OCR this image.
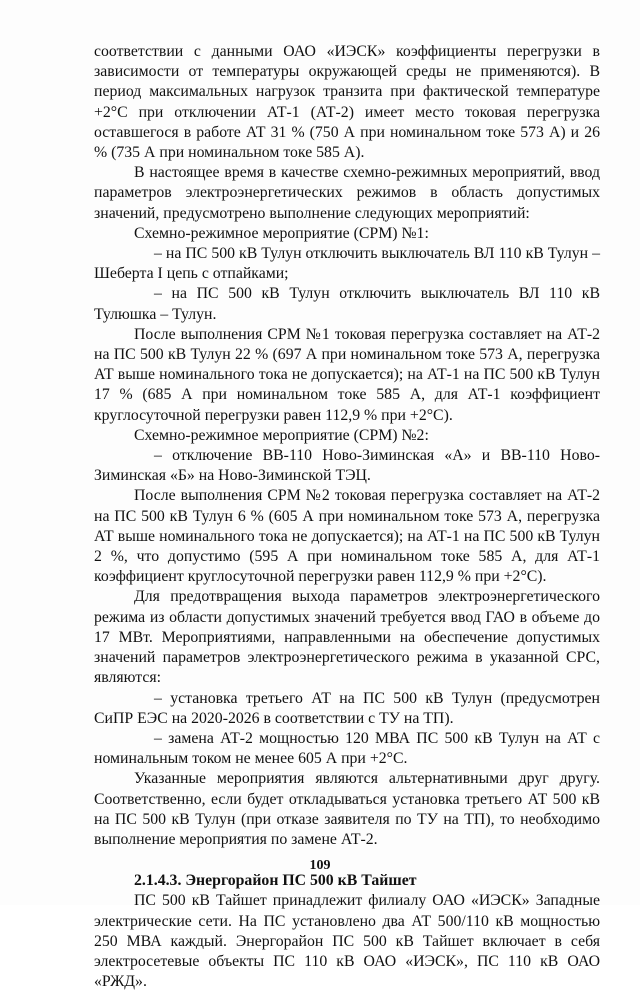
соответствии с данными ОАО «ИЭСК» коэффициенты перегрузки в зависимости от температуры окружающей среды не применяются). В период максимальных нагрузок транзита при фактической температуре +2°С при отключении АТ-1 (АТ-2) имеет место токовая перегрузка оставшегося в работе АТ 31 % (750 А при номинальном токе 573 А) и 26 % (735 А при номинальном токе 585 А).

В настоящее время в качестве схемно-режимных мероприятий, ввод параметров электроэнергетических режимов в область допустимых значений, предусмотрено выполнение следующих мероприятий:

Схемно-режимное мероприятие (СРМ) №1:

– на ПС 500 кВ Тулун отключить выключатель ВЛ 110 кВ Тулун – Шеберта I цепь с отпайками;

– на ПС 500 кВ Тулун отключить выключатель ВЛ 110 кВ Тулюшка – Тулун.

После выполнения СРМ №1 токовая перегрузка составляет на АТ-2 на ПС 500 кВ Тулун 22 % (697 А при номинальном токе 573 А, перегрузка АТ выше номинального тока не допускается); на АТ-1 на ПС 500 кВ Тулун 17 % (685 А при номинальном токе 585 А, для АТ-1 коэффициент круглосуточной перегрузки равен 112,9 % при +2°С).

Схемно-режимное мероприятие (СРМ) №2:

– отключение ВВ-110 Ново-Зиминская «А» и ВВ-110 Ново-Зиминская «Б» на Ново-Зиминской ТЭЦ.

После выполнения СРМ №2 токовая перегрузка составляет на АТ-2 на ПС 500 кВ Тулун 6 % (605 А при номинальном токе 573 А, перегрузка АТ выше номинального тока не допускается); на АТ-1 на ПС 500 кВ Тулун 2 %, что допустимо (595 А при номинальном токе 585 А, для АТ-1 коэффициент круглосуточной перегрузки равен 112,9 % при +2°С).

Для предотвращения выхода параметров электроэнергетического режима из области допустимых значений требуется ввод ГАО в объеме до 17 МВт. Мероприятиями, направленными на обеспечение допустимых значений параметров электроэнергетического режима в указанной СРС, являются:

– установка третьего АТ на ПС 500 кВ Тулун (предусмотрен СиПР ЕЭС на 2020-2026 в соответствии с ТУ на ТП).

– замена АТ-2 мощностью 120 МВА ПС 500 кВ Тулун на АТ с номинальным током не менее 605 А при +2°С.

Указанные мероприятия являются альтернативными друг другу. Соответственно, если будет откладываться установка третьего АТ 500 кВ на ПС 500 кВ Тулун (при отказе заявителя по ТУ на ТП), то необходимо выполнение мероприятия по замене АТ-2.

2.1.4.3. Энергорайон ПС 500 кВ Тайшет

ПС 500 кВ Тайшет принадлежит филиалу ОАО «ИЭСК» Западные электрические сети. На ПС установлено два АТ 500/110 кВ мощностью 250 МВА каждый. Энергорайон ПС 500 кВ Тайшет включает в себя электросетевые объекты ПС 110 кВ ОАО «ИЭСК», ПС 110 кВ ОАО «РЖД».

109
